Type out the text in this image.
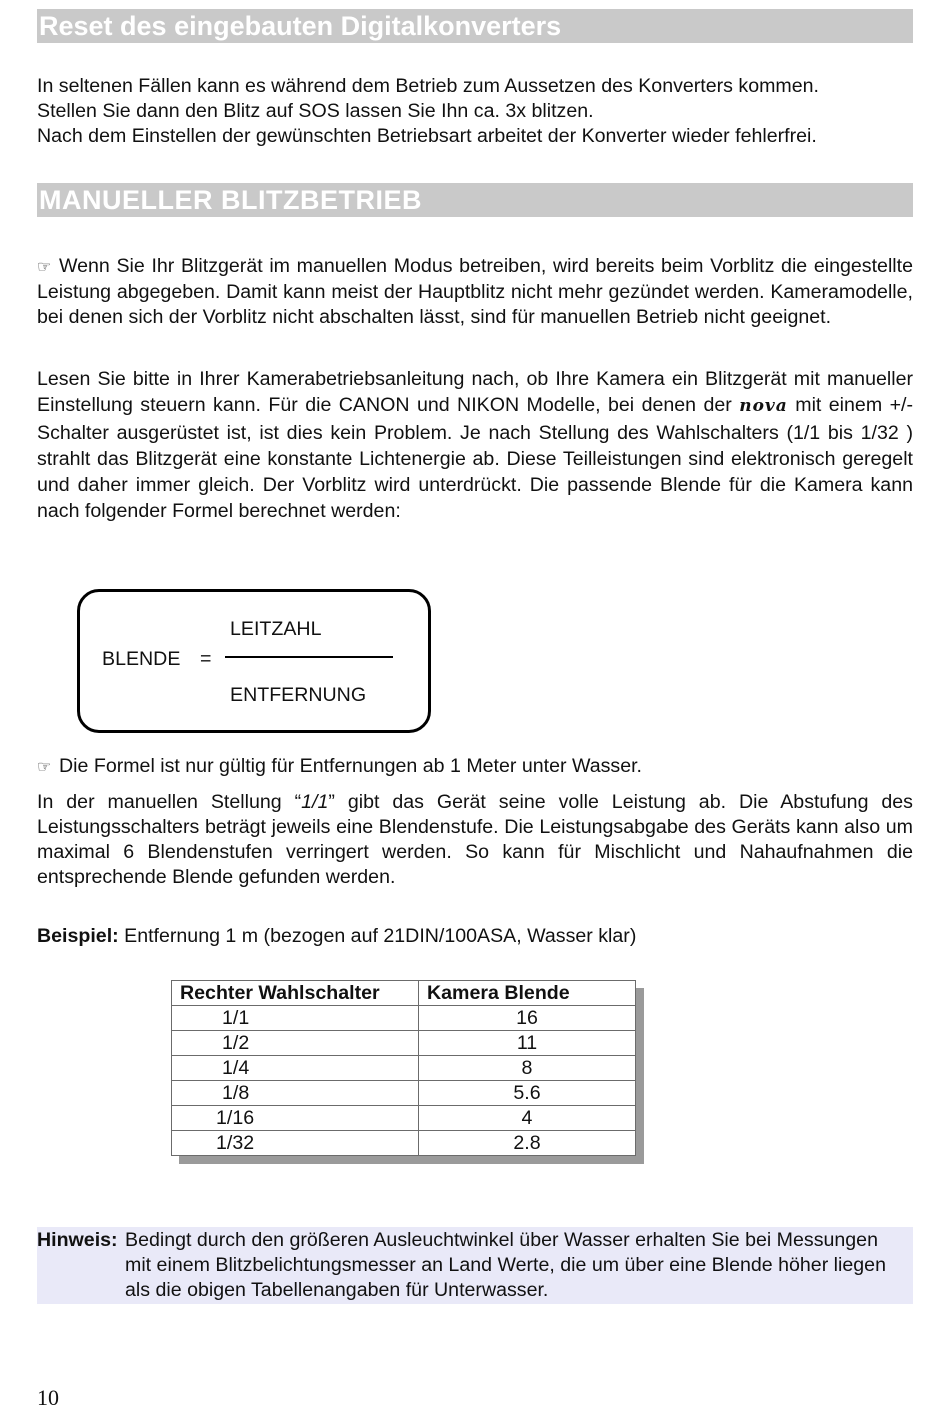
Reset des eingebauten Digitalkonverters
In seltenen Fällen kann es während dem Betrieb zum Aussetzen des Konverters kommen.
Stellen Sie dann den Blitz auf SOS lassen Sie Ihn ca. 3x blitzen.
Nach dem Einstellen der gewünschten Betriebsart arbeitet der Konverter wieder fehlerfrei.
MANUELLER BLITZBETRIEB
☞ Wenn Sie Ihr Blitzgerät im manuellen Modus betreiben, wird bereits beim Vorblitz die eingestellte Leistung abgegeben. Damit kann meist der Hauptblitz nicht mehr gezündet werden. Kameramodelle, bei denen sich der Vorblitz nicht abschalten lässt, sind für manuellen Betrieb nicht geeignet.
Lesen Sie bitte in Ihrer Kamerabetriebsanleitung nach, ob Ihre Kamera ein Blitzgerät mit manueller Einstellung steuern kann. Für die CANON und NIKON Modelle, bei denen der nova mit einem +/- Schalter ausgerüstet ist, ist dies kein Problem. Je nach Stellung des Wahlschalters (1/1 bis 1/32 ) strahlt das Blitzgerät eine konstante Lichtenergie ab. Diese Teilleistungen sind elektronisch geregelt und daher immer gleich. Der Vorblitz wird unterdrückt. Die passende Blende für die Kamera kann nach folgender Formel berechnet werden:
LEITZAHL
BLENDE =
ENTFERNUNG
☞ Die Formel ist nur gültig für Entfernungen ab 1 Meter unter Wasser.
In der manuellen Stellung “1/1” gibt das Gerät seine volle Leistung ab. Die Abstufung des Leistungsschalters beträgt jeweils eine Blendenstufe. Die Leistungsabgabe des Geräts kann also um maximal 6 Blendenstufen verringert werden. So kann für Mischlicht und Nahaufnahmen die entsprechende Blende gefunden werden.
Beispiel: Entfernung 1 m (bezogen auf 21DIN/100ASA, Wasser klar)
Rechter Wahlschalter	Kamera Blende
1/1	16
1/2	11
1/4	8
1/8	5.6
1/16	4
1/32	2.8
Hinweis: Bedingt durch den größeren Ausleuchtwinkel über Wasser erhalten Sie bei Messungen mit einem Blitzbelichtungsmesser an Land Werte, die um über eine Blende höher liegen als die obigen Tabellenangaben für Unterwasser.
10
